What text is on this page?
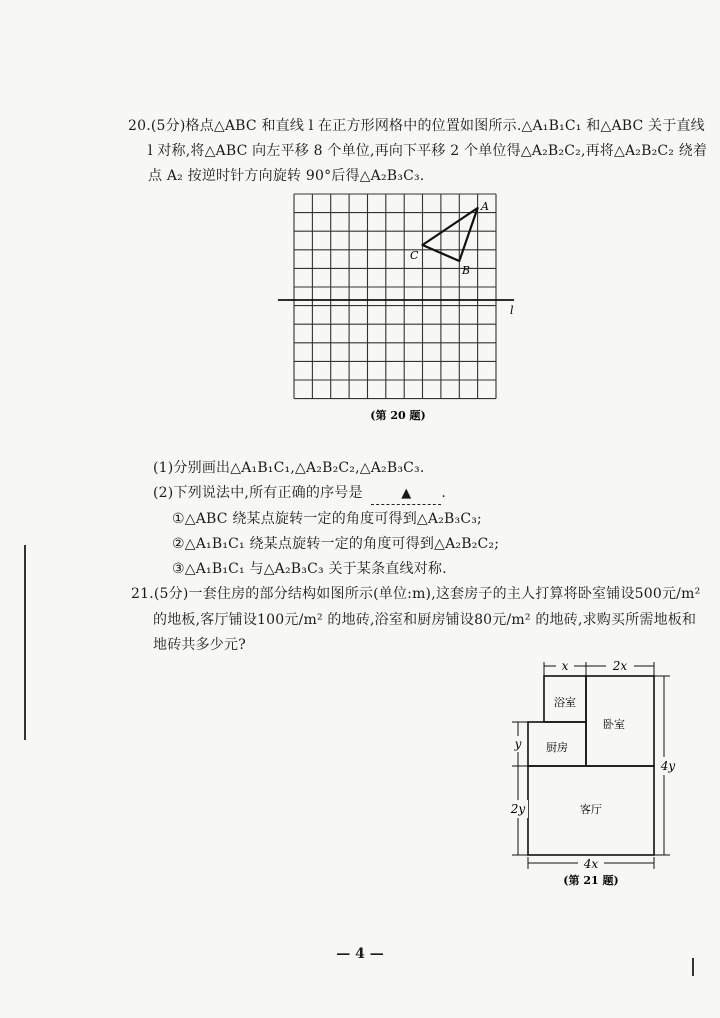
20.(5分)格点△ABC 和直线 l 在正方形网格中的位置如图所示.△A₁B₁C₁ 和△ABC 关于直线
l 对称,将△ABC 向左平移 8 个单位,再向下平移 2 个单位得△A₂B₂C₂,再将△A₂B₂C₂ 绕着
点 A₂ 按逆时针方向旋转 90°后得△A₂B₃C₃.
A
C
B
l
(第 20 题)
(1)分别画出△A₁B₁C₁,△A₂B₂C₂,△A₂B₃C₃.
(2)下列说法中,所有正确的序号是	▲ .
①△ABC 绕某点旋转一定的角度可得到△A₂B₃C₃;
②△A₁B₁C₁ 绕某点旋转一定的角度可得到△A₂B₂C₂;
③△A₁B₁C₁ 与△A₂B₃C₃ 关于某条直线对称.
21.(5分)一套住房的部分结构如图所示(单位:m),这套房子的主人打算将卧室铺设500元/m²
的地板,客厅铺设100元/m² 的地砖,浴室和厨房铺设80元/m² 的地砖,求购买所需地板和
地砖共多少元?
x	2x
y
2y
4y
4x
浴室
卧室
厨房
客厅
(第 21 题)
— 4 —
